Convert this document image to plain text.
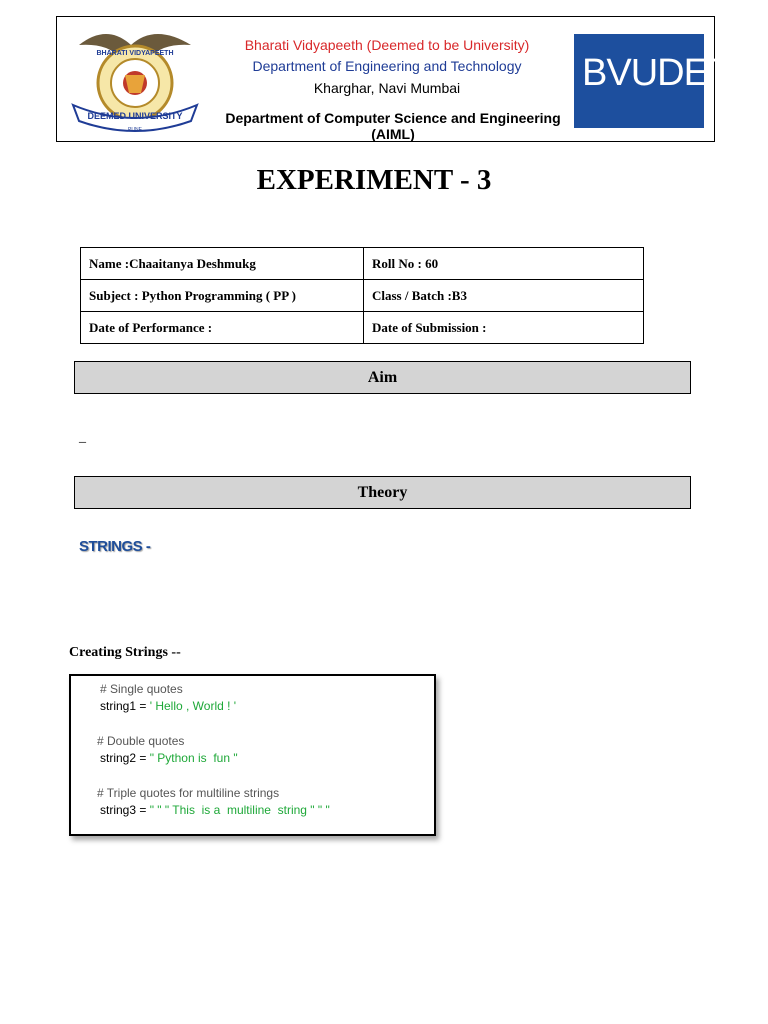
DEEMED UNIVERSITY
BHARATI VIDYAPEETH
PUNE
Bharati Vidyapeeth (Deemed to be University)
Department of Engineering and Technology
Kharghar, Navi Mumbai
Department of Computer Science and Engineering (AIML)
BVUDET
EXPERIMENT - 3
Name :Chaaitanya Deshmukg	Roll No : 60
Subject : Python Programming ( PP )	Class / Batch :B3
Date of Performance :	Date of Submission :
Aim
_
Theory
STRINGS -
Creating Strings --
# Single quotes
string1 = ' Hello , World ! '
# Double quotes
string2 = " Python is  fun "
# Triple quotes for multiline strings
string3 = " " " This  is a  multiline  string " " "
